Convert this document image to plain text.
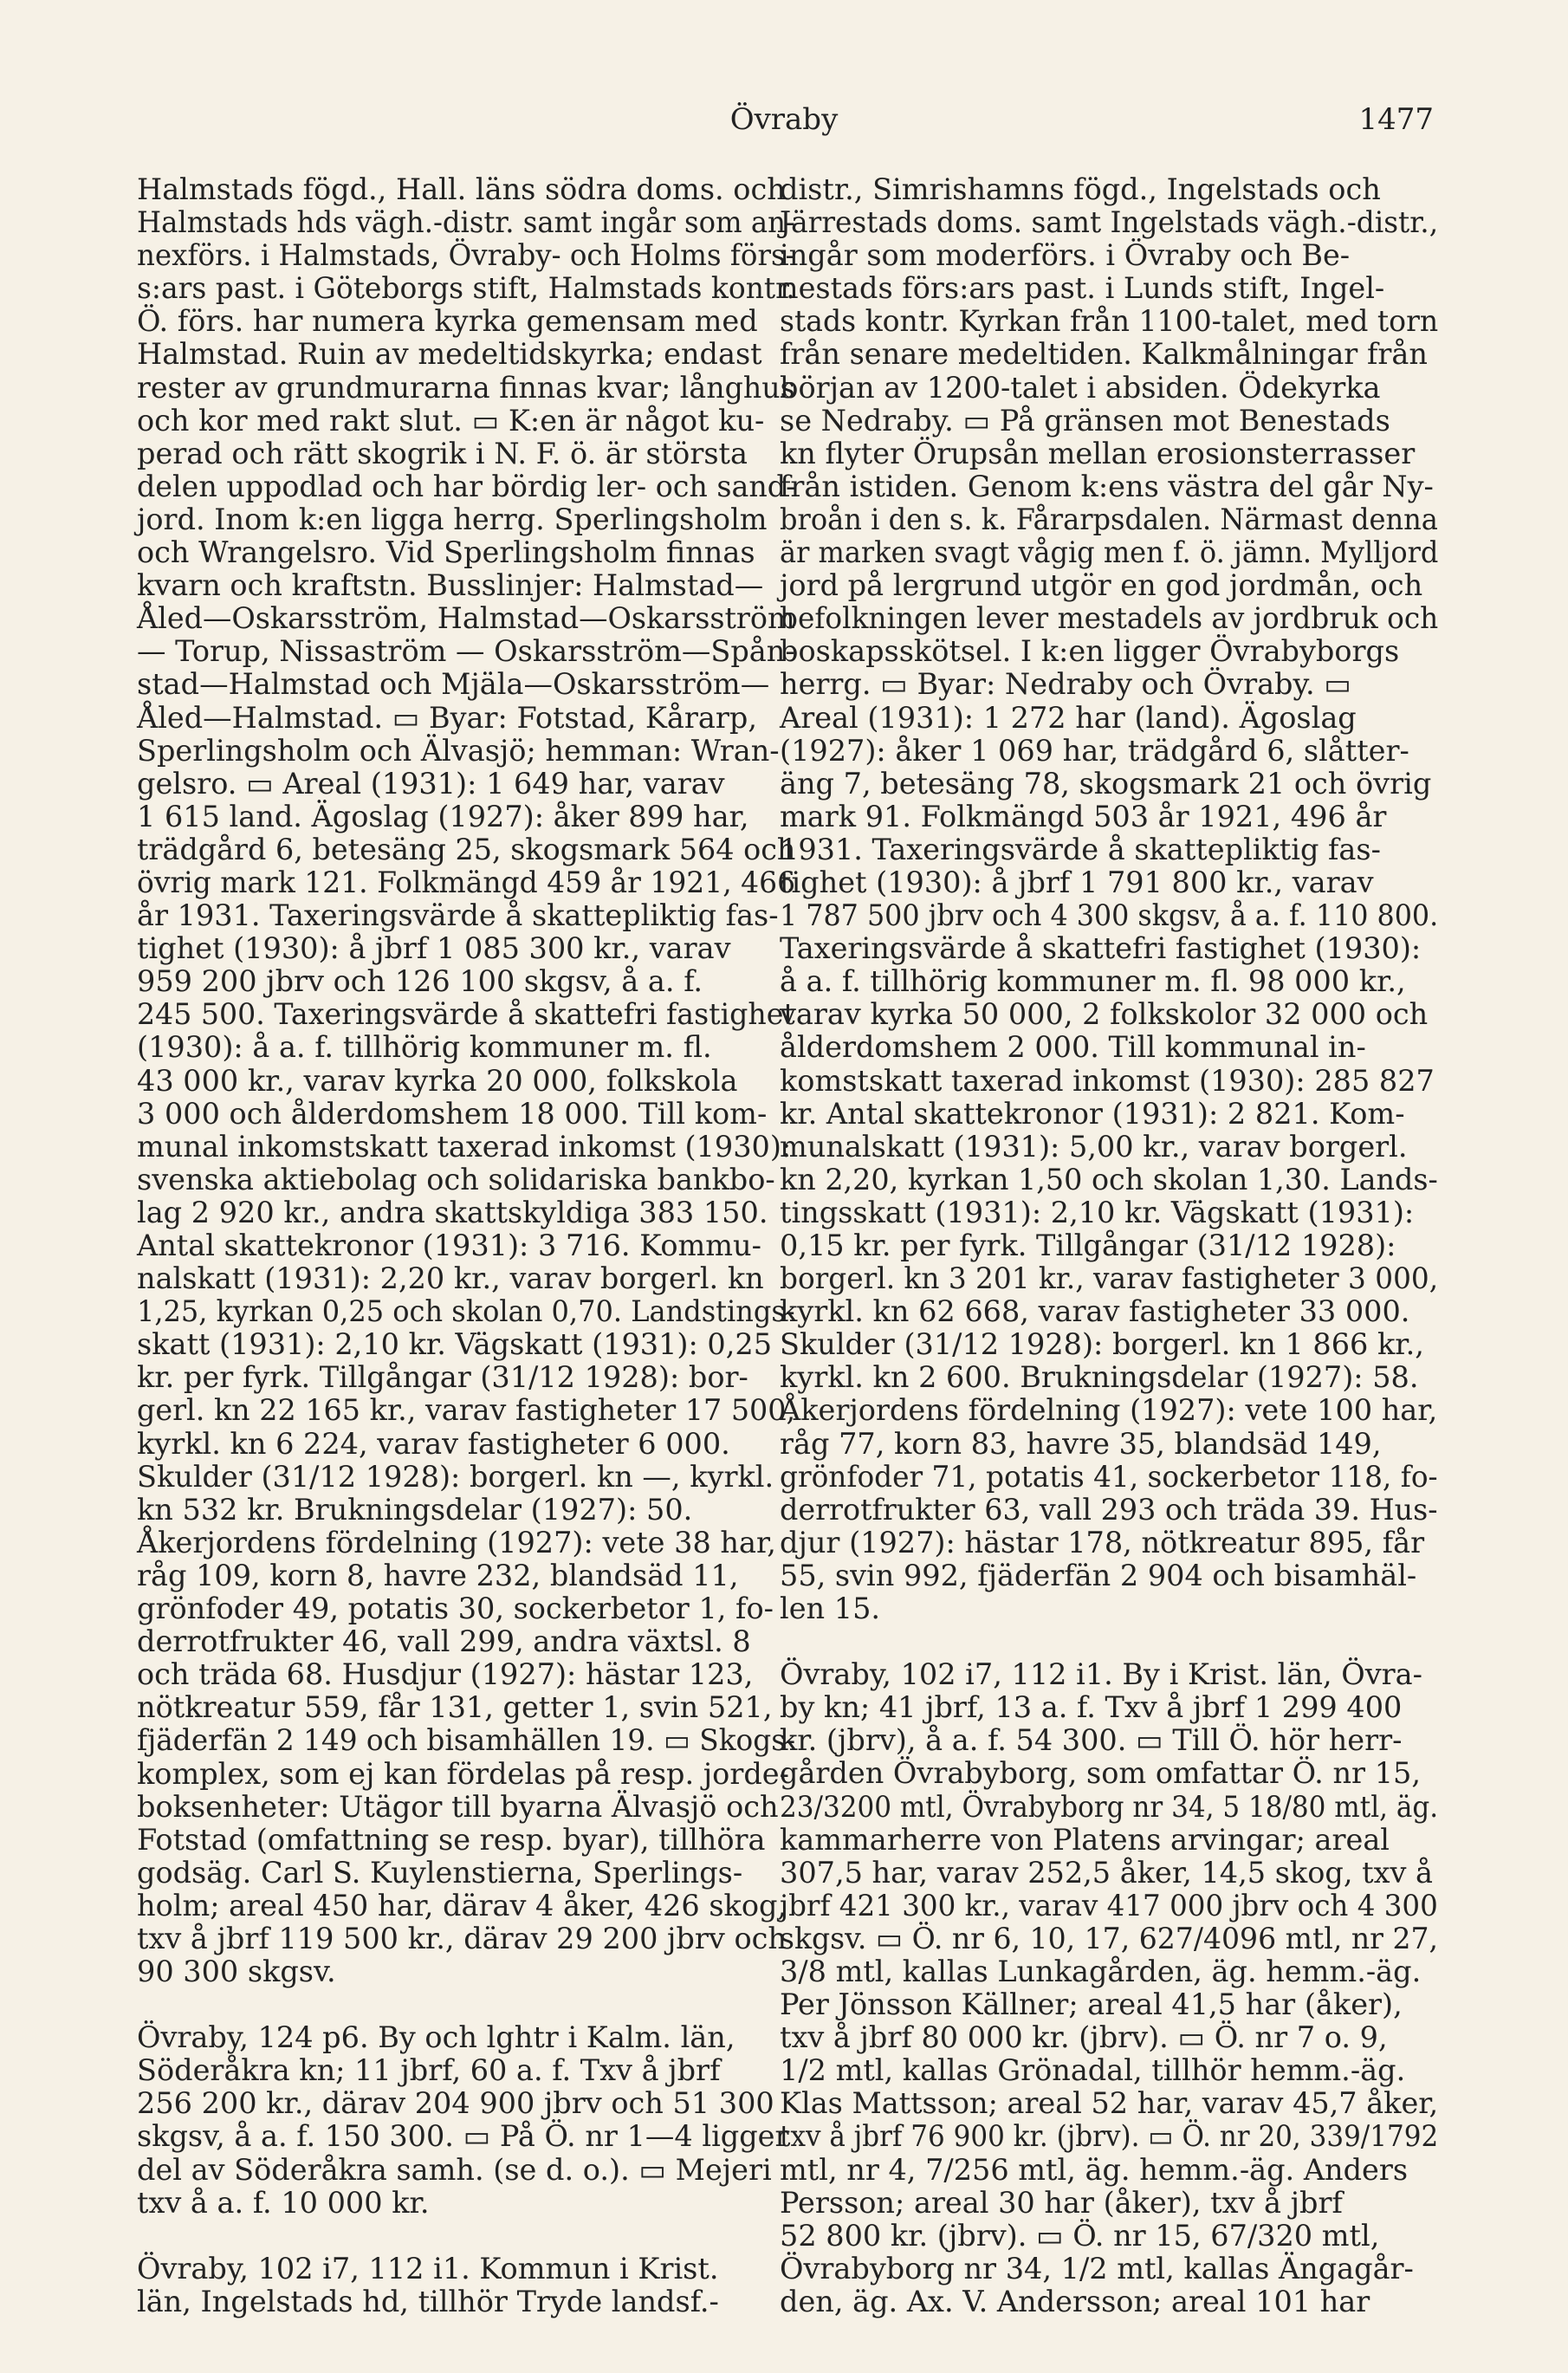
Övraby	1477
Halmstads fögd., Hall. läns södra doms. och
Halmstads hds vägh.-distr. samt ingår som an-
nexförs. i Halmstads, Övraby- och Holms förs-
s:ars past. i Göteborgs stift, Halmstads kontr.
Ö. förs. har numera kyrka gemensam med
Halmstad. Ruin av medeltidskyrka; endast
rester av grundmurarna finnas kvar; långhus
och kor med rakt slut. ▭ K:en är något ku-
perad och rätt skogrik i N. F. ö. är största
delen uppodlad och har bördig ler- och sand-
jord. Inom k:en ligga herrg. Sperlingsholm
och Wrangelsro. Vid Sperlingsholm finnas
kvarn och kraftstn. Busslinjer: Halmstad—
Åled—Oskarsström, Halmstad—Oskarsström
— Torup, Nissaström — Oskarsström—Spån-
stad—Halmstad och Mjäla—Oskarsström—
Åled—Halmstad. ▭ Byar: Fotstad, Kårarp,
Sperlingsholm och Älvasjö; hemman: Wran-
gelsro. ▭ Areal (1931): 1 649 har, varav
1 615 land. Ägoslag (1927): åker 899 har,
trädgård 6, betesäng 25, skogsmark 564 och
övrig mark 121. Folkmängd 459 år 1921, 466
år 1931. Taxeringsvärde å skattepliktig fas-
tighet (1930): å jbrf 1 085 300 kr., varav
959 200 jbrv och 126 100 skgsv, å a. f.
245 500. Taxeringsvärde å skattefri fastighet
(1930): å a. f. tillhörig kommuner m. fl.
43 000 kr., varav kyrka 20 000, folkskola
3 000 och ålderdomshem 18 000. Till kom-
munal inkomstskatt taxerad inkomst (1930):
svenska aktiebolag och solidariska bankbo-
lag 2 920 kr., andra skattskyldiga 383 150.
Antal skattekronor (1931): 3 716. Kommu-
nalskatt (1931): 2,20 kr., varav borgerl. kn
1,25, kyrkan 0,25 och skolan 0,70. Landstings-
skatt (1931): 2,10 kr. Vägskatt (1931): 0,25
kr. per fyrk. Tillgångar (31/12 1928): bor-
gerl. kn 22 165 kr., varav fastigheter 17 500,
kyrkl. kn 6 224, varav fastigheter 6 000.
Skulder (31/12 1928): borgerl. kn —, kyrkl.
kn 532 kr. Brukningsdelar (1927): 50.
Åkerjordens fördelning (1927): vete 38 har,
råg 109, korn 8, havre 232, blandsäd 11,
grönfoder 49, potatis 30, sockerbetor 1, fo-
derrotfrukter 46, vall 299, andra växtsl. 8
och träda 68. Husdjur (1927): hästar 123,
nötkreatur 559, får 131, getter 1, svin 521,
fjäderfän 2 149 och bisamhällen 19. ▭ Skogs-
komplex, som ej kan fördelas på resp. jorde-
boksenheter: Utägor till byarna Älvasjö och
Fotstad (omfattning se resp. byar), tillhöra
godsäg. Carl S. Kuylenstierna, Sperlings-
holm; areal 450 har, därav 4 åker, 426 skog,
txv å jbrf 119 500 kr., därav 29 200 jbrv och
90 300 skgsv.
Övraby, 124 p6. By och lghtr i Kalm. län,
Söderåkra kn; 11 jbrf, 60 a. f. Txv å jbrf
256 200 kr., därav 204 900 jbrv och 51 300
skgsv, å a. f. 150 300. ▭ På Ö. nr 1—4 ligger
del av Söderåkra samh. (se d. o.). ▭ Mejeri
txv å a. f. 10 000 kr.
Övraby, 102 i7, 112 i1. Kommun i Krist.
län, Ingelstads hd, tillhör Tryde landsf.-
distr., Simrishamns fögd., Ingelstads och
Järrestads doms. samt Ingelstads vägh.-distr.,
ingår som moderförs. i Övraby och Be-
nestads förs:ars past. i Lunds stift, Ingel-
stads kontr. Kyrkan från 1100-talet, med torn
från senare medeltiden. Kalkmålningar från
början av 1200-talet i absiden. Ödekyrka
se Nedraby. ▭ På gränsen mot Benestads
kn flyter Örupsån mellan erosionsterrasser
från istiden. Genom k:ens västra del går Ny-
broån i den s. k. Fårarpsdalen. Närmast denna
är marken svagt vågig men f. ö. jämn. Mylljord
jord på lergrund utgör en god jordmån, och
befolkningen lever mestadels av jordbruk och
boskapsskötsel. I k:en ligger Övrabyborgs
herrg. ▭ Byar: Nedraby och Övraby. ▭
Areal (1931): 1 272 har (land). Ägoslag
(1927): åker 1 069 har, trädgård 6, slåtter-
äng 7, betesäng 78, skogsmark 21 och övrig
mark 91. Folkmängd 503 år 1921, 496 år
1931. Taxeringsvärde å skattepliktig fas-
tighet (1930): å jbrf 1 791 800 kr., varav
1 787 500 jbrv och 4 300 skgsv, å a. f. 110 800.
Taxeringsvärde å skattefri fastighet (1930):
å a. f. tillhörig kommuner m. fl. 98 000 kr.,
varav kyrka 50 000, 2 folkskolor 32 000 och
ålderdomshem 2 000. Till kommunal in-
komstskatt taxerad inkomst (1930): 285 827
kr. Antal skattekronor (1931): 2 821. Kom-
munalskatt (1931): 5,00 kr., varav borgerl.
kn 2,20, kyrkan 1,50 och skolan 1,30. Lands-
tingsskatt (1931): 2,10 kr. Vägskatt (1931):
0,15 kr. per fyrk. Tillgångar (31/12 1928):
borgerl. kn 3 201 kr., varav fastigheter 3 000,
kyrkl. kn 62 668, varav fastigheter 33 000.
Skulder (31/12 1928): borgerl. kn 1 866 kr.,
kyrkl. kn 2 600. Brukningsdelar (1927): 58.
Åkerjordens fördelning (1927): vete 100 har,
råg 77, korn 83, havre 35, blandsäd 149,
grönfoder 71, potatis 41, sockerbetor 118, fo-
derrotfrukter 63, vall 293 och träda 39. Hus-
djur (1927): hästar 178, nötkreatur 895, får
55, svin 992, fjäderfän 2 904 och bisamhäl-
len 15.
Övraby, 102 i7, 112 i1. By i Krist. län, Övra-
by kn; 41 jbrf, 13 a. f. Txv å jbrf 1 299 400
kr. (jbrv), å a. f. 54 300. ▭ Till Ö. hör herr-
gården Övrabyborg, som omfattar Ö. nr 15,
23/3200 mtl, Övrabyborg nr 34, 5 18/80 mtl, äg.
kammarherre von Platens arvingar; areal
307,5 har, varav 252,5 åker, 14,5 skog, txv å
jbrf 421 300 kr., varav 417 000 jbrv och 4 300
skgsv. ▭ Ö. nr 6, 10, 17, 627/4096 mtl, nr 27,
3/8 mtl, kallas Lunkagården, äg. hemm.-äg.
Per Jönsson Källner; areal 41,5 har (åker),
txv å jbrf 80 000 kr. (jbrv). ▭ Ö. nr 7 o. 9,
1/2 mtl, kallas Grönadal, tillhör hemm.-äg.
Klas Mattsson; areal 52 har, varav 45,7 åker,
txv å jbrf 76 900 kr. (jbrv). ▭ Ö. nr 20, 339/1792
mtl, nr 4, 7/256 mtl, äg. hemm.-äg. Anders
Persson; areal 30 har (åker), txv å jbrf
52 800 kr. (jbrv). ▭ Ö. nr 15, 67/320 mtl,
Övrabyborg nr 34, 1/2 mtl, kallas Ängagår-
den, äg. Ax. V. Andersson; areal 101 har
